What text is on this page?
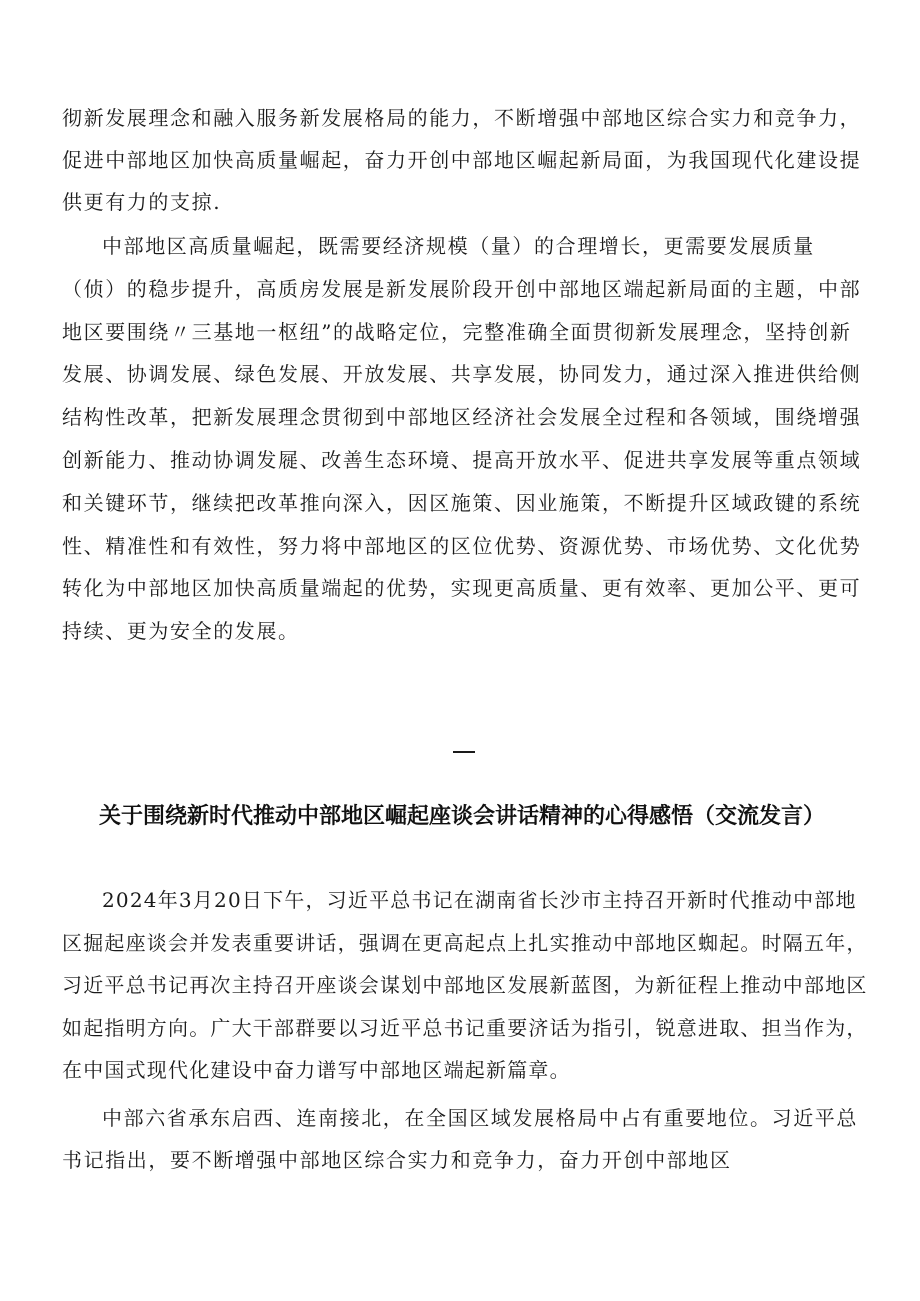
彻新发展理念和融入服务新发展格局的能力，不断增强中部地区综合实力和竞争力，促进中部地区加快高质量崛起，奋力开创中部地区崛起新局面，为我国现代化建设提供更有力的支掠.

中部地区高质量崛起，既需要经济规模（量）的合理增长，更需要发展质量（侦）的稳步提升，高质房发展是新发展阶段开创中部地区端起新局面的主题，中部地区要围绕〃三基地一枢纽”的战略定位，完整准确全面贯彻新发展理念，坚持创新发展、协调发展、绿色发展、开放发展、共享发展，协同发力，通过深入推进供给侧结构性改革，把新发展理念贯彻到中部地区经济社会发展全过程和各领域，围绕增强创新能力、推动协调发屣、改善生态环境、提高开放水平、促进共享发展等重点领域和关键环节，继续把改革推向深入，因区施策、因业施策，不断提升区域政键的系统性、精准性和有效性，努力将中部地区的区位优势、资源优势、市场优势、文化优势转化为中部地区加快高质量端起的优势，实现更高质量、更有效率、更加公平、更可持续、更为安全的发展。

关于围绕新时代推动中部地区崛起座谈会讲话精神的心得感悟（交流发言）

2024年3月20日下午，习近平总书记在湖南省长沙市主持召开新时代推动中部地区掘起座谈会并发表重要讲话，强调在更高起点上扎实推动中部地区蜘起。时隔五年，习近平总书记再次主持召开座谈会谋划中部地区发展新蓝图，为新征程上推动中部地区如起指明方向。广大干部群要以习近平总书记重要济话为指引，锐意进取、担当作为，在中国式现代化建设中奋力谱写中部地区端起新篇章。

中部六省承东启西、连南接北，在全国区域发展格局中占有重要地位。习近平总书记指出，要不断增强中部地区综合实力和竞争力，奋力开创中部地区
